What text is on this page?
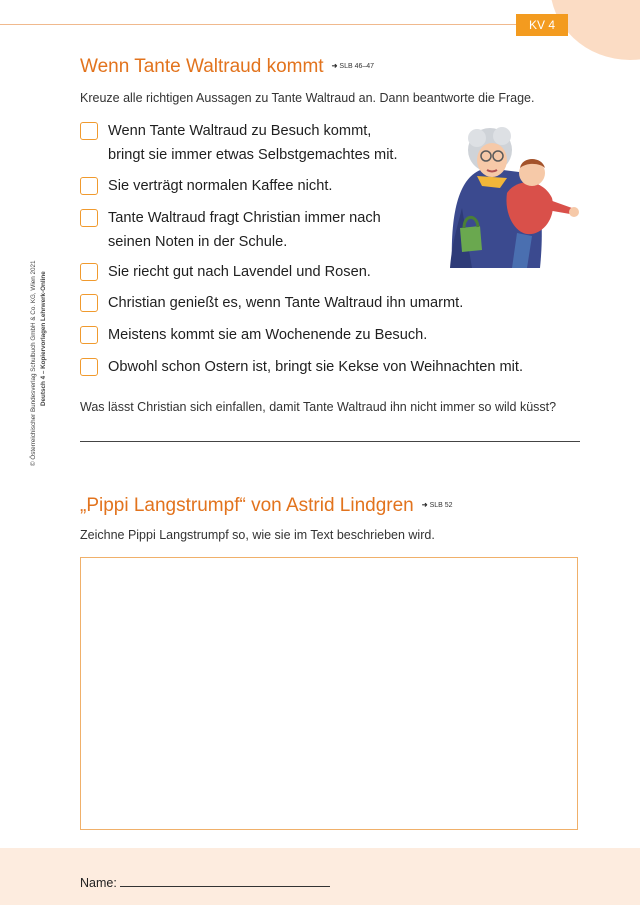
KV 4
© Österreichischer Bundesverlag Schulbuch GmbH & Co. KG, Wien 2021 Deutsch 4 – Kopiervorlagen Lehrwerk-Online
Wenn Tante Waltraud kommt $^{➜ SLB 46-47}$
Kreuze alle richtigen Aussagen zu Tante Waltraud an. Dann beantworte die Frage.
Wenn Tante Waltraud zu Besuch kommt,
bringt sie immer etwas Selbstgemachtes mit.
Sie verträgt normalen Kaffee nicht.
Tante Waltraud fragt Christian immer nach
seinen Noten in der Schule.
Sie riecht gut nach Lavendel und Rosen.
Christian genießt es, wenn Tante Waltraud ihn umarmt.
Meistens kommt sie am Wochenende zu Besuch.
Obwohl schon Ostern ist, bringt sie Kekse von Weihnachten mit.
Was lässt Christian sich einfallen, damit Tante Waltraud ihn nicht immer so wild küsst?
„Pippi Langstrumpf“ von Astrid Lindgren $^{➜ SLB 52}$
Zeichne Pippi Langstrumpf so, wie sie im Text beschrieben wird.
Name:
